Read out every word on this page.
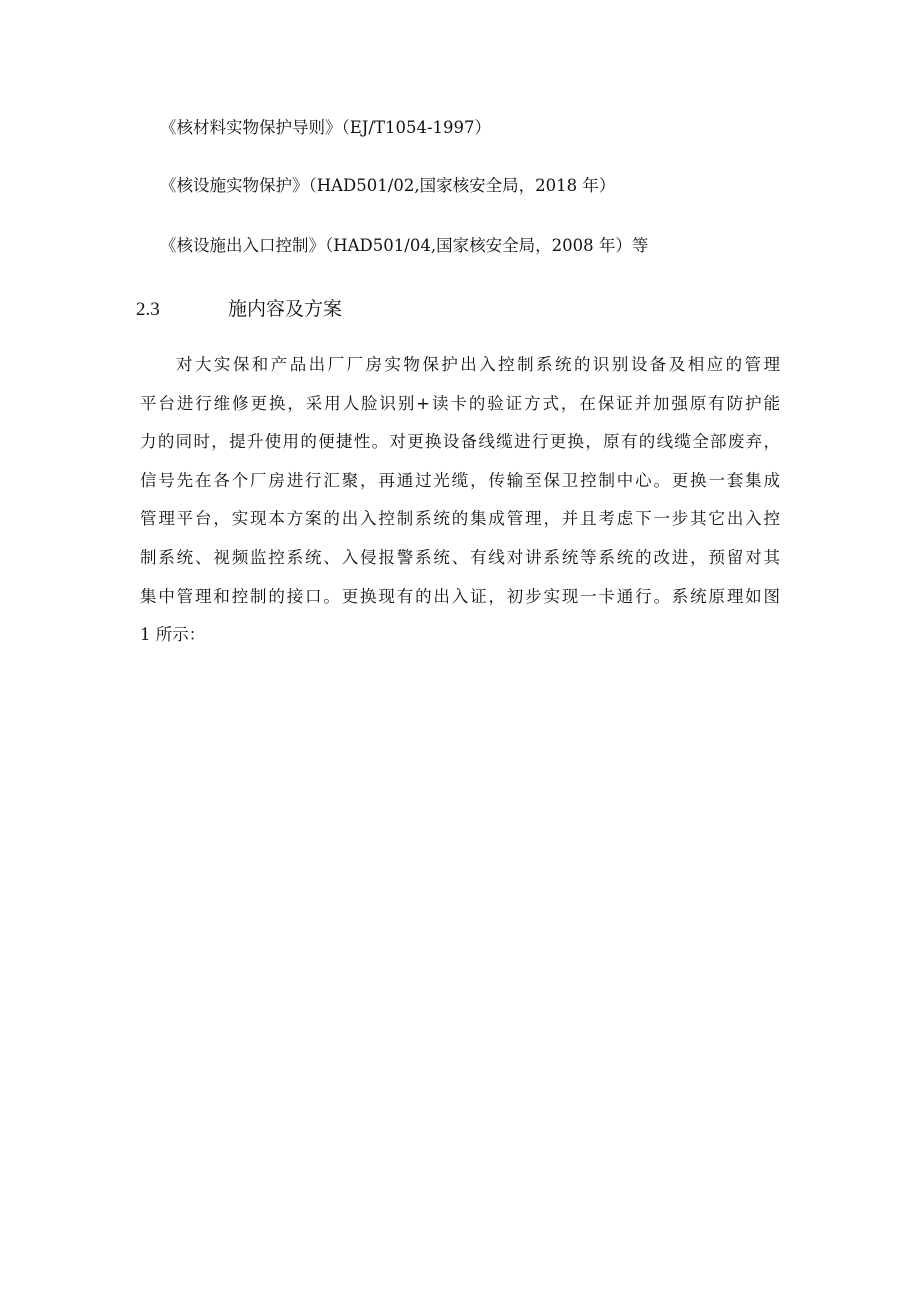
《核材料实物保护导则》（EJ/T1054-1997）
《核设施实物保护》（HAD501/02,国家核安全局，2018 年）
《核设施出入口控制》（HAD501/04,国家核安全局，2008 年）等
2.3	施内容及方案
对大实保和产品出厂厂房实物保护出入控制系统的识别设备及相应的管理
平台进行维修更换，采用人脸识别+读卡的验证方式，在保证并加强原有防护能
力的同时，提升使用的便捷性。对更换设备线缆进行更换，原有的线缆全部废弃，
信号先在各个厂房进行汇聚，再通过光缆，传输至保卫控制中心。更换一套集成
管理平台，实现本方案的出入控制系统的集成管理，并且考虑下一步其它出入控
制系统、视频监控系统、入侵报警系统、有线对讲系统等系统的改进，预留对其
集中管理和控制的接口。更换现有的出入证，初步实现一卡通行。系统原理如图
1 所示：
